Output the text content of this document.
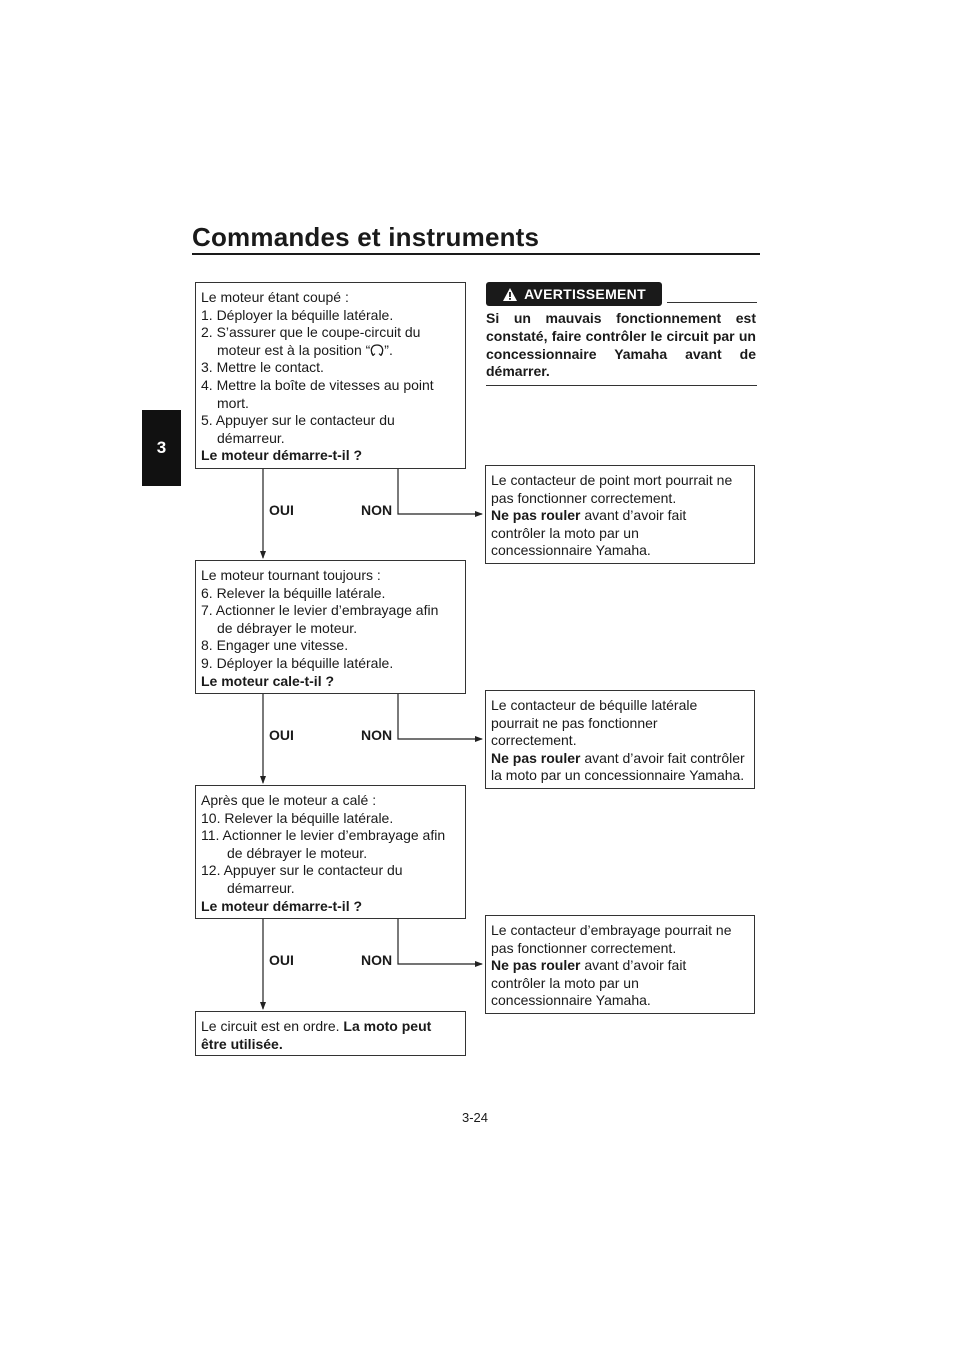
Commandes et instruments
3
Le moteur étant coupé :
1. Déployer la béquille latérale.
2. S’assurer que le coupe-circuit du
moteur est à la position “ ”.
3. Mettre le contact.
4. Mettre la boîte de vitesses au point
mort.
5. Appuyer sur le contacteur du
démarreur.
Le moteur démarre-t-il ?
OUI	NON
Le moteur tournant toujours :
6. Relever la béquille latérale.
7. Actionner le levier d’embrayage afin
de débrayer le moteur.
8. Engager une vitesse.
9. Déployer la béquille latérale.
Le moteur cale-t-il ?
OUI	NON
Après que le moteur a calé :
10. Relever la béquille latérale.
11. Actionner le levier d’embrayage afin
de débrayer le moteur.
12. Appuyer sur le contacteur du
démarreur.
Le moteur démarre-t-il ?
OUI	NON
Le circuit est en ordre. La moto peut
être utilisée.
AVERTISSEMENT
Si un mauvais fonctionnement est constaté, faire contrôler le circuit par un concessionnaire Yamaha avant de démarrer.
Le contacteur de point mort pourrait ne
pas fonctionner correctement.
Ne pas rouler avant d’avoir fait
contrôler la moto par un
concessionnaire Yamaha.
Le contacteur de béquille latérale
pourrait ne pas fonctionner
correctement.
Ne pas rouler avant d’avoir fait contrôler
la moto par un concessionnaire Yamaha.
Le contacteur d’embrayage pourrait ne
pas fonctionner correctement.
Ne pas rouler avant d’avoir fait
contrôler la moto par un
concessionnaire Yamaha.
3-24
